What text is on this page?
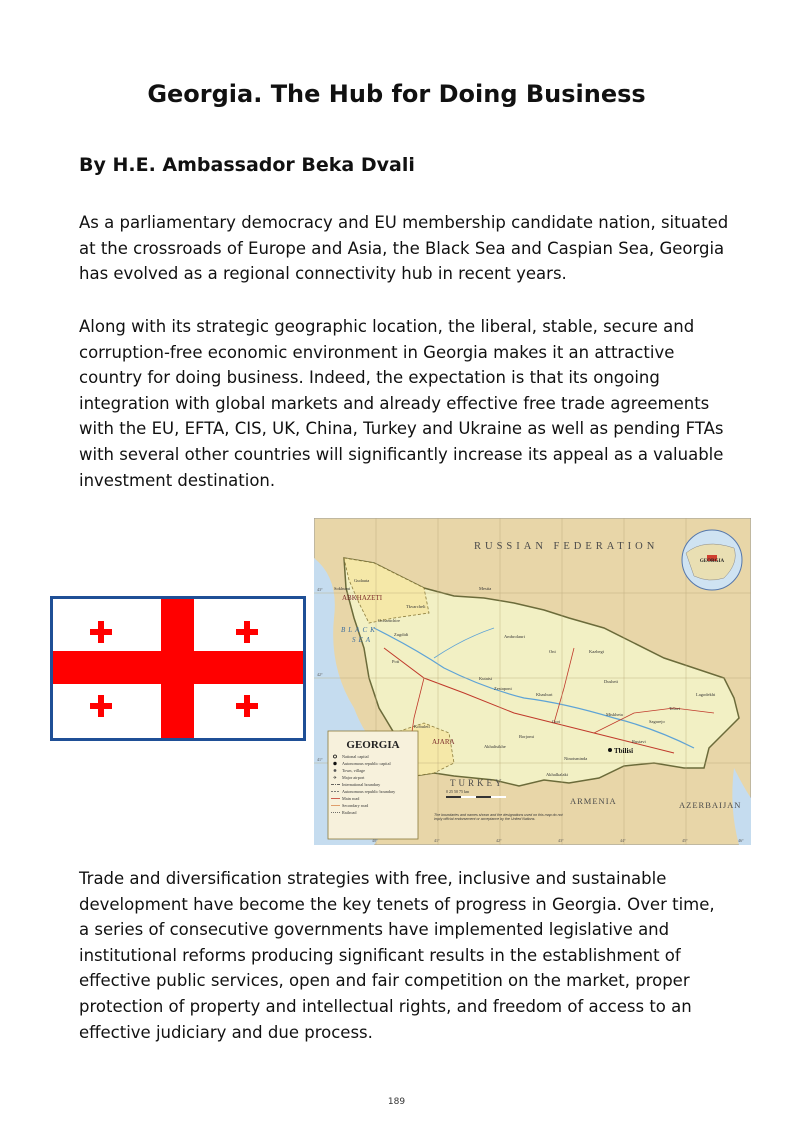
Georgia. The Hub for Doing Business
By H.E. Ambassador Beka Dvali

As a parliamentary democracy and EU membership candidate nation, situated at the crossroads of Europe and Asia, the Black Sea and Caspian Sea, Georgia has evolved as a regional connectivity hub in recent years.

Along with its strategic geographic location, the liberal, stable, secure and corruption-free economic environment in Georgia makes it an attractive country for doing business. Indeed, the expectation is that its ongoing integration with global markets and already effective free trade agreements with the EU, EFTA, CIS, UK, China, Turkey and Ukraine as well as pending FTAs with several other countries will significantly increase its appeal as a valuable investment destination.

GEORGIA
RUSSIAN FEDERATION
BLACK
SEA
ABKHAZETI
AJARA
Tbilisi
TURKEY
ARMENIA	AZERBAIJAN
Sokhumi
Gudauta
Ochamchire
Zugdidi
Poti
Kutaisi
Kobuleti
Akhaltsikhe
Borjomi
Gori
Mtskheta
Rustavi
Telavi
Lagodekhi
Zestaponi
Ambrolauri
Mestia
Oni
Tkvarcheli
Khashuri
Dusheti
Akhalkalaki
Ninotsminda
Kazbegi
Sagarejo
GEORGIA
National capital
Autonomous republic capital
Town, village
Major airport
International boundary
Autonomous republic boundary
Main road
Secondary road
Railroad
✈
0 25 50 75 km
The boundaries and names shown and the designations used on this map do not imply official endorsement or acceptance by the United Nations.
43°
42°
41°
40°	41°	42°	43°	44°	45°	46°

Trade and diversification strategies with free, inclusive and sustainable development have become the key tenets of progress in Georgia. Over time, a series of consecutive governments have implemented legislative and institutional reforms producing significant results in the establishment of effective public services, open and fair competition on the market, proper protection of property and intellectual rights, and freedom of access to an effective judiciary and due process.

189
